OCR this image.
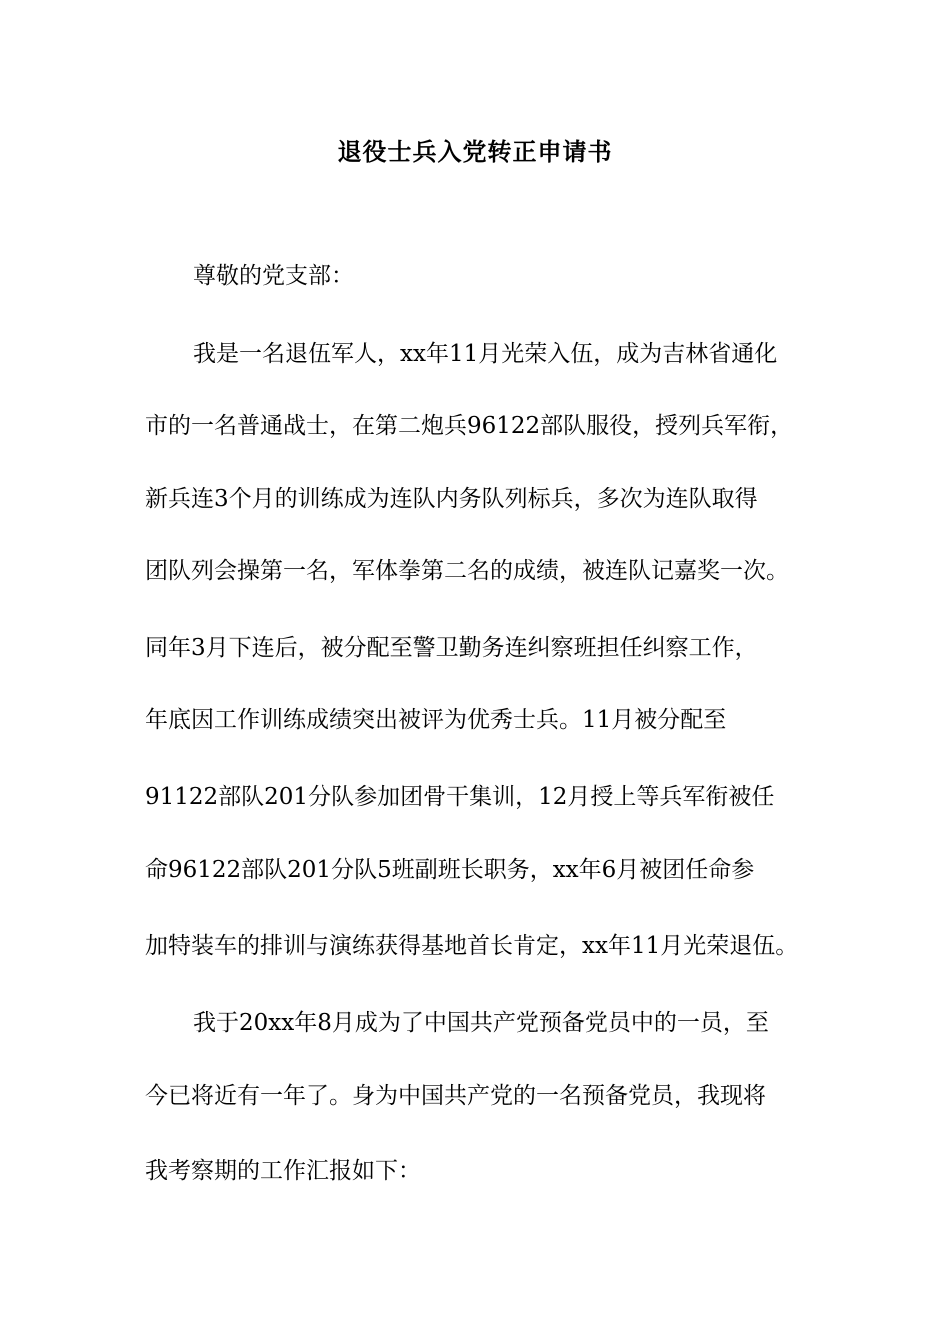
退役士兵入党转正申请书
尊敬的党支部：
我是一名退伍军人，xx年11月光荣入伍，成为吉林省通化
市的一名普通战士，在第二炮兵96122部队服役，授列兵军衔，
新兵连3个月的训练成为连队内务队列标兵，多次为连队取得
团队列会操第一名，军体拳第二名的成绩，被连队记嘉奖一次。
同年3月下连后，被分配至警卫勤务连纠察班担任纠察工作，
年底因工作训练成绩突出被评为优秀士兵。11月被分配至
91122部队201分队参加团骨干集训，12月授上等兵军衔被任
命96122部队201分队5班副班长职务，xx年6月被团任命参
加特装车的排训与演练获得基地首长肯定，xx年11月光荣退伍。
我于20xx年8月成为了中国共产党预备党员中的一员，至
今已将近有一年了。身为中国共产党的一名预备党员，我现将
我考察期的工作汇报如下：
